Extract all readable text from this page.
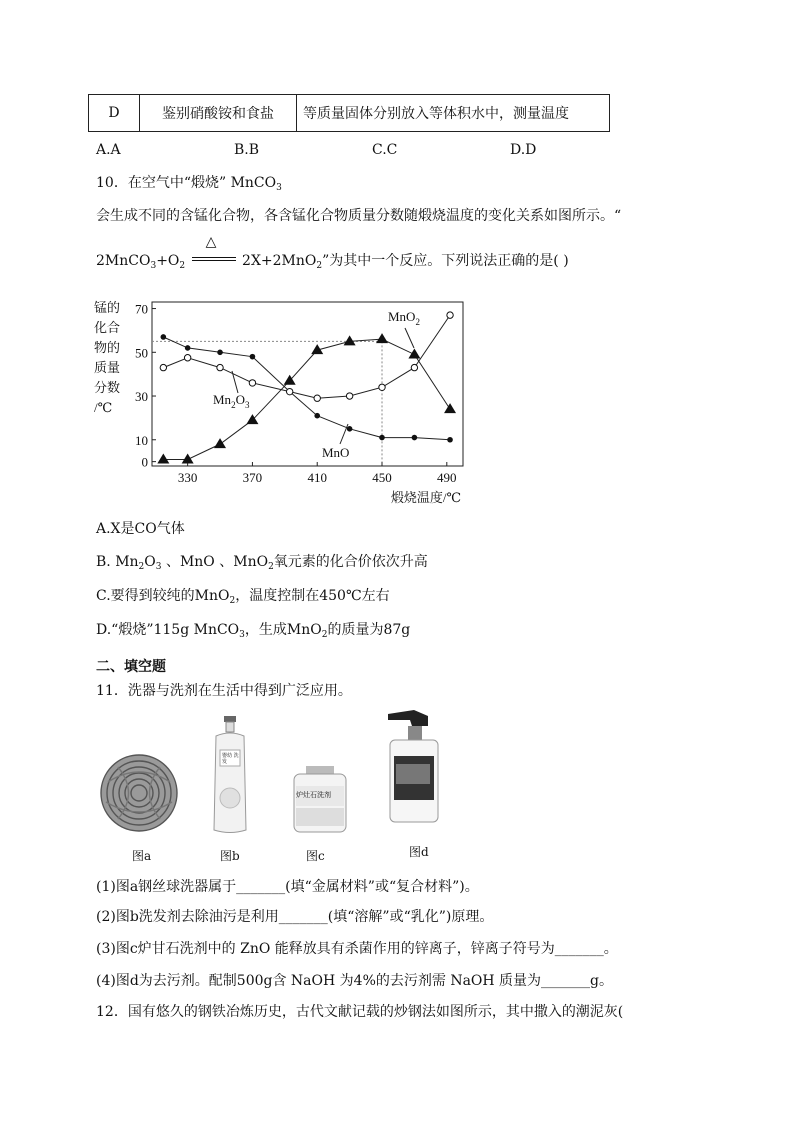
D	鉴别硝酸铵和食盐	等质量固体分别放入等体积水中，测量温度
A.A	B.B	C.C	D.D
10．在空气中“煅烧” MnCO$_3$
会生成不同的含锰化合物，各含锰化合物质量分数随煅烧温度的变化关系如图所示。“
$2MnCO_3+O_2$
△
2X+2MnO$_2$”为其中一个反应。下列说法正确的是( )
0
10
30
50
70
330	370	410	450	490
锰的
化合
物的
质量
分数
/℃
煅烧温度/℃
MnO$_2$
$Mn_2O_3$
MnO
A.X是CO气体
B. $Mn_2O_3$ 、MnO 、MnO$_2$氧元素的化合价依次升高
C.要得到较纯的MnO$_2$，温度控制在450℃左右
D.“煅烧”115g MnCO$_3$，生成MnO$_2$的质量为87g
二、填空题
11．洗器与洗剂在生活中得到广泛应用。
婴幼 洗发
炉灶石洗剂
图a	图b	图c	图d
(1)图a钢丝球洗器属于_______(填“金属材料”或“复合材料”)。
(2)图b洗发剂去除油污是利用_______(填“溶解”或“乳化”)原理。
(3)图c炉甘石洗剂中的 ZnO 能释放具有杀菌作用的锌离子，锌离子符号为_______。
(4)图d为去污剂。配制500g含 NaOH 为4%的去污剂需 NaOH 质量为_______g。
12．国有悠久的钢铁冶炼历史，古代文献记载的炒钢法如图所示，其中撒入的潮泥灰(
